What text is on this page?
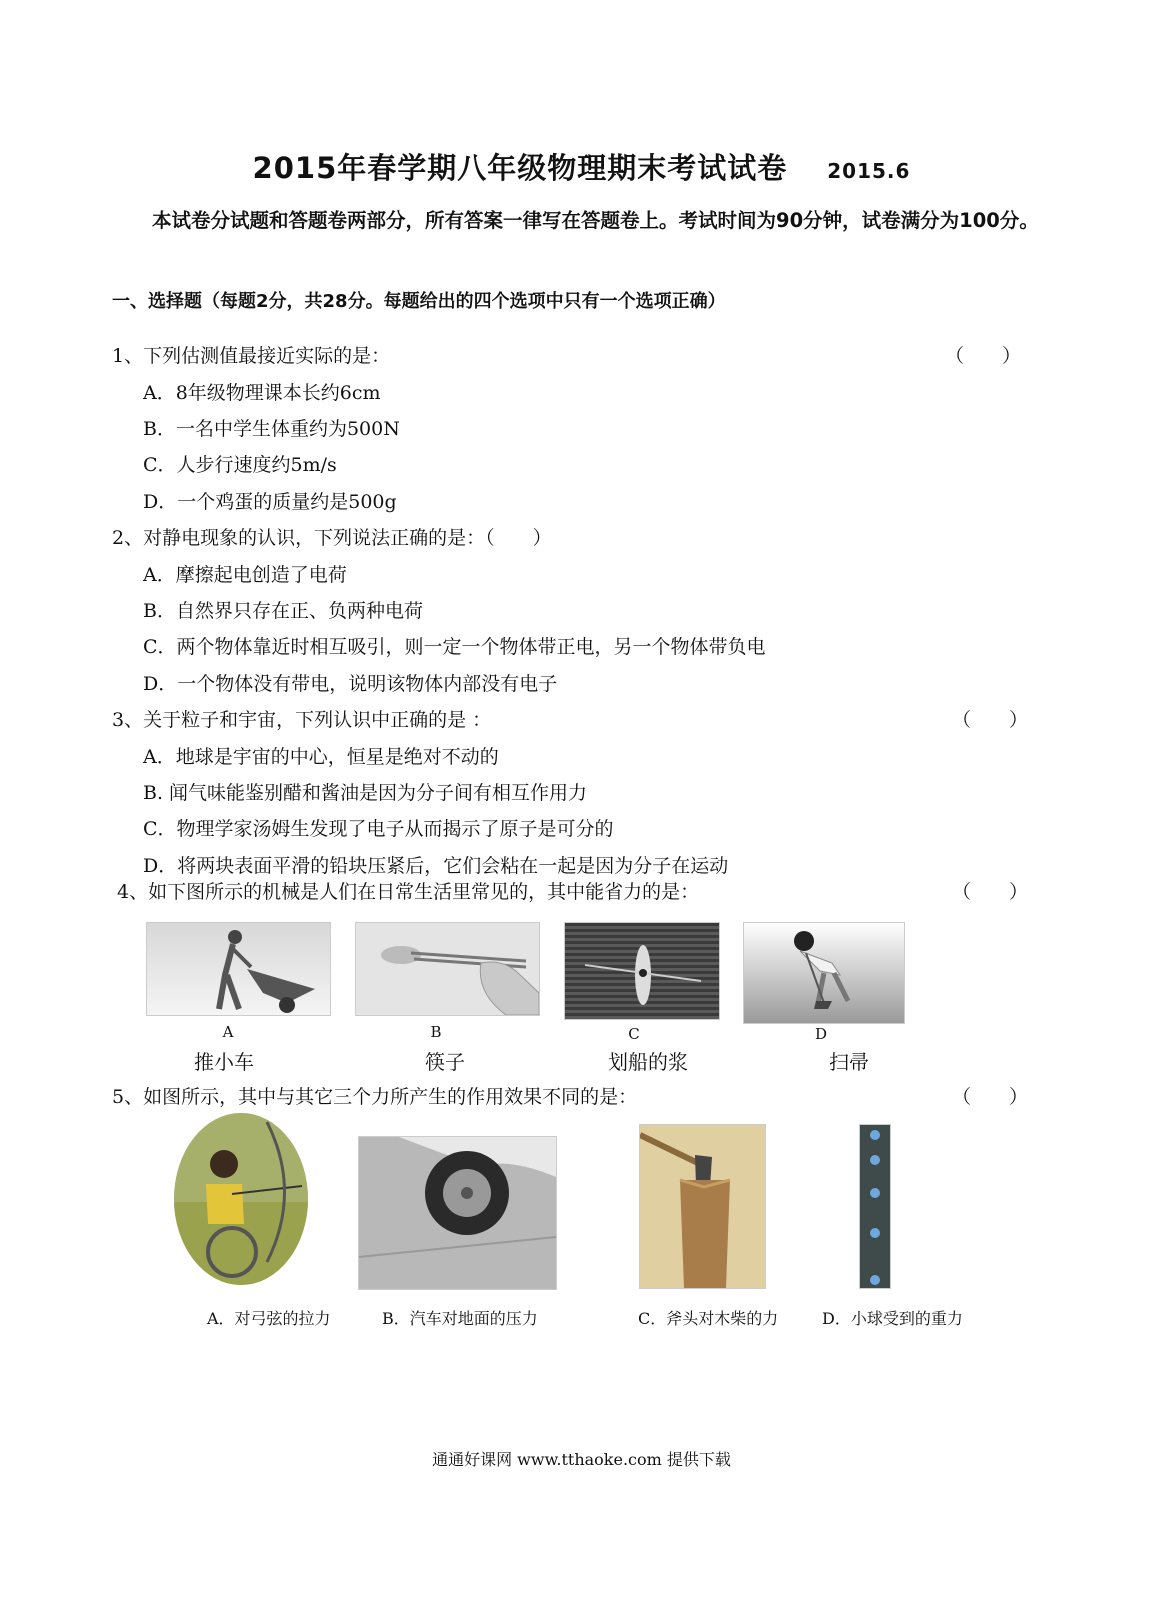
2015年春学期八年级物理期末考试试卷 2015.6
本试卷分试题和答题卷两部分，所有答案一律写在答题卷上。考试时间为90分钟，试卷满分为100分。
一、选择题（每题2分，共28分。每题给出的四个选项中只有一个选项正确）
1、下列估测值最接近实际的是：	（　　）
A．8年级物理课本长约6cm
B．一名中学生体重约为500N
C．人步行速度约5m/s
D．一个鸡蛋的质量约是500g
2、对静电现象的认识，下列说法正确的是：（　　）
A．摩擦起电创造了电荷
B．自然界只存在正、负两种电荷
C．两个物体靠近时相互吸引，则一定一个物体带正电，另一个物体带负电
D．一个物体没有带电，说明该物体内部没有电子
3、关于粒子和宇宙，下列认识中正确的是 ：	（　　）
A．地球是宇宙的中心，恒星是绝对不动的
B. 闻气味能鉴别醋和酱油是因为分子间有相互作用力
C．物理学家汤姆生发现了电子从而揭示了原子是可分的
D．将两块表面平滑的铅块压紧后，它们会粘在一起是因为分子在运动
4、如下图所示的机械是人们在日常生活里常见的，其中能省力的是：	（　　）
A	B	C	D
推小车	筷子	划船的浆	扫帚
5、如图所示，其中与其它三个力所产生的作用效果不同的是：	（　　）
A．对弓弦的拉力	B．汽车对地面的压力	C．斧头对木柴的力	D．小球受到的重力
通通好课网 www.tthaoke.com 提供下载
